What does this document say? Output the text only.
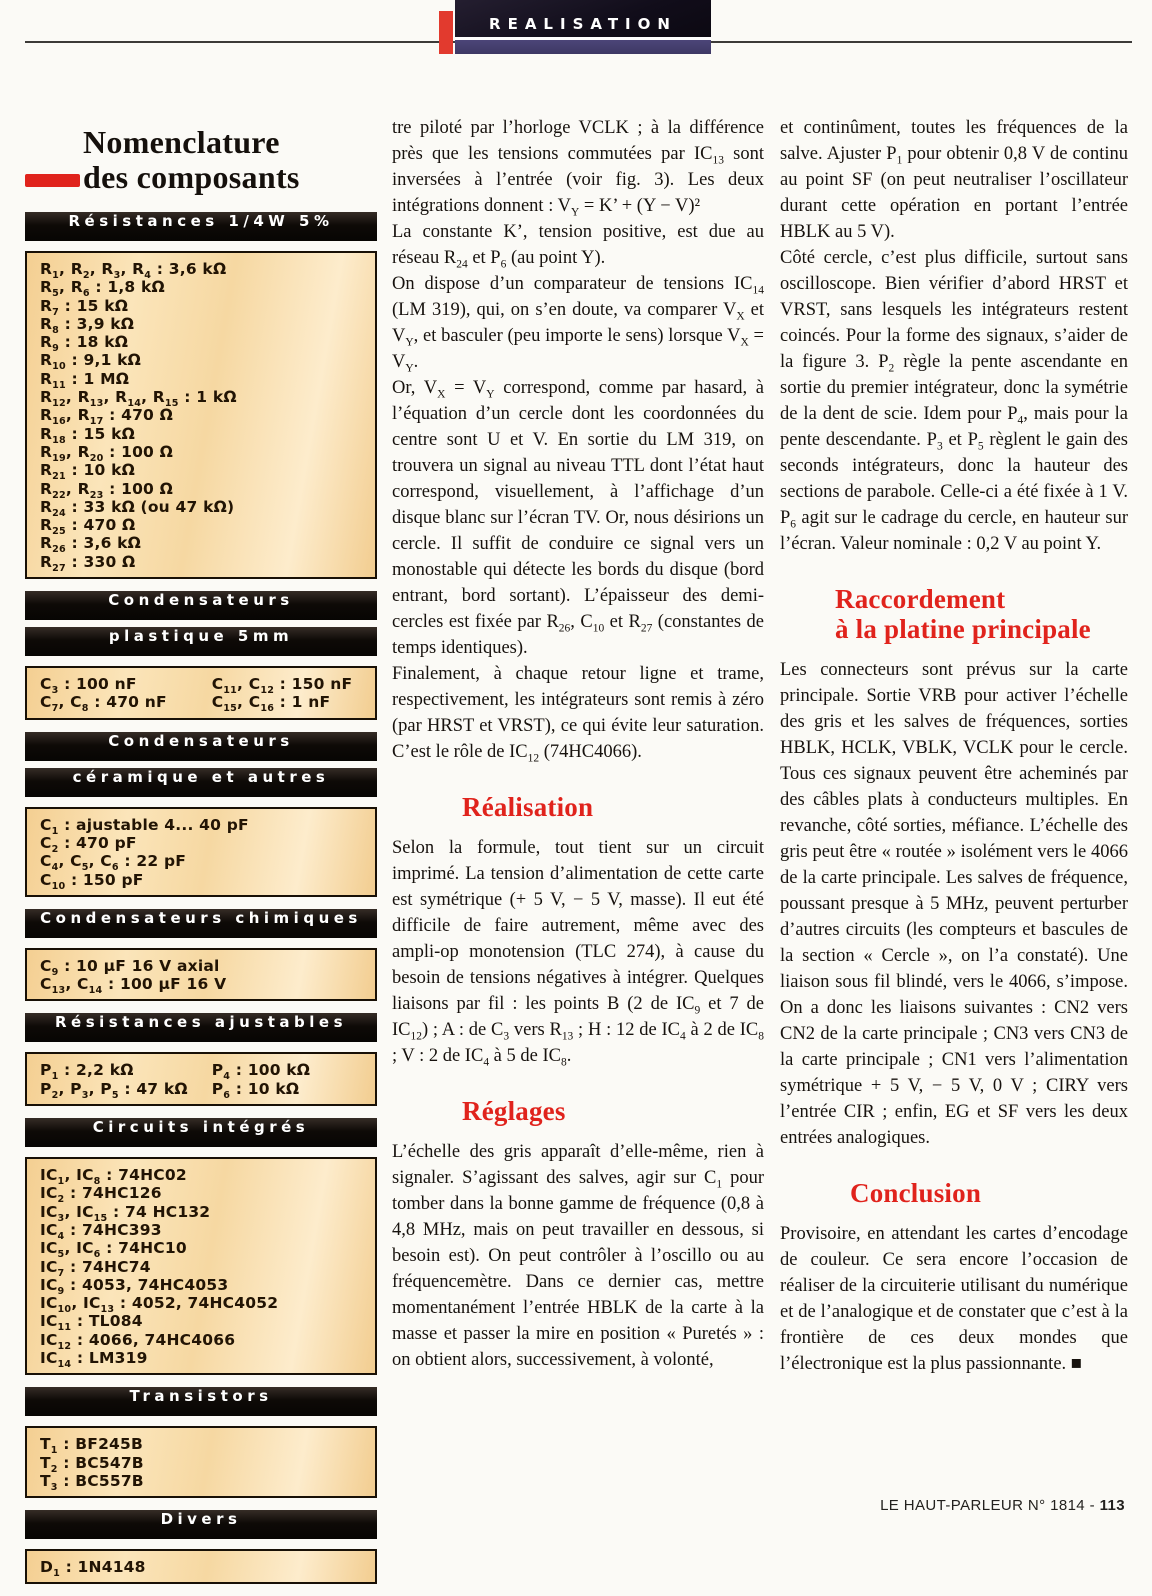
REALISATION
Nomenclature
des composants
Résistances 1/4W 5%
$R_1$, $R_2$, $R_3$, $R_4$ : 3,6 kΩ
$R_5$, $R_6$ : 1,8 kΩ
$R_7$ : 15 kΩ
$R_8$ : 3,9 kΩ
$R_9$ : 18 kΩ
$R_{10}$ : 9,1 kΩ
$R_{11}$ : 1 MΩ
$R_{12}$, $R_{13}$, $R_{14}$, $R_{15}$ : 1 kΩ
$R_{16}$, $R_{17}$ : 470 Ω
$R_{18}$ : 15 kΩ
$R_{19}$, $R_{20}$ : 100 Ω
$R_{21}$ : 10 kΩ
$R_{22}$, $R_{23}$ : 100 Ω
$R_{24}$ : 33 kΩ (ou 47 kΩ)
$R_{25}$ : 470 Ω
$R_{26}$ : 3,6 kΩ
$R_{27}$ : 330 Ω
Condensateurs
plastique 5mm
$C_3$ : 100 nF
$C_7$, $C_8$ : 470 nF
$C_{11}$, $C_{12}$ : 150 nF
$C_{15}$, $C_{16}$ : 1 nF
Condensateurs
céramique et autres
$C_1$ : ajustable 4... 40 pF
$C_2$ : 470 pF
$C_4$, $C_5$, $C_6$ : 22 pF
$C_{10}$ : 150 pF
Condensateurs chimiques
$C_9$ : 10 µF 16 V axial
$C_{13}$, $C_{14}$ : 100 µF 16 V
Résistances ajustables
$P_1$ : 2,2 kΩ
$P_2$, $P_3$, $P_5$ : 47 kΩ
$P_4$ : 100 kΩ
$P_6$ : 10 kΩ
Circuits intégrés
$IC_1$, $IC_8$ : 74HC02
$IC_2$ : 74HC126
$IC_3$, $IC_{15}$ : 74 HC132
$IC_4$ : 74HC393
$IC_5$, $IC_6$ : 74HC10
$IC_7$ : 74HC74
$IC_9$ : 4053, 74HC4053
$IC_{10}$, $IC_{13}$ : 4052, 74HC4052
$IC_{11}$ : TL084
$IC_{12}$ : 4066, 74HC4066
$IC_{14}$ : LM319
Transistors
$T_1$ : BF245B
$T_2$ : BC547B
$T_3$ : BC557B
Divers
$D_1$ : 1N4148
tre piloté par l’horloge VCLK ; à la différence près que les tensions commutées par $IC_{13}$ sont inversées à l’entrée (voir fig. 3). Les deux intégrations donnent : $V_Y = K$’ + (Y − V)²
La constante K’, tension positive, est due au réseau $R_{24}$ et $P_6$ (au point Y).
On dispose d’un comparateur de tensions $IC_{14}$ (LM 319), qui, on s’en doute, va comparer $V_X$ et $V_Y$, et basculer (peu importe le sens) lorsque $V_X = V_Y$.
Or, $V_X = V_Y$ correspond, comme par hasard, à l’équation d’un cercle dont les coordonnées du centre sont U et V. En sortie du LM 319, on trouvera un signal au niveau TTL dont l’état haut correspond, visuellement, à l’affichage d’un disque blanc sur l’écran TV. Or, nous désirions un cercle. Il suffit de conduire ce signal vers un monostable qui détecte les bords du disque (bord entrant, bord sortant). L’épaisseur des demi-cercles est fixée par $R_{26}$, $C_{10}$ et $R_{27}$ (constantes de temps identiques).
Finalement, à chaque retour ligne et trame, respectivement, les intégrateurs sont remis à zéro (par HRST et VRST), ce qui évite leur saturation. C’est le rôle de $IC_{12}$ (74HC4066).
Réalisation
Selon la formule, tout tient sur un circuit imprimé. La tension d’alimentation de cette carte est symétrique (+ 5 V, − 5 V, masse). Il eut été difficile de faire autrement, même avec des ampli-op monotension (TLC 274), à cause du besoin de tensions négatives à intégrer. Quelques liaisons par fil : les points B (2 de $IC_9$ et 7 de $IC_{12}$) ; A : de $C_3$ vers $R_{13}$ ; H : 12 de $IC_4$ à 2 de $IC_8$ ; V : 2 de $IC_4$ à 5 de $IC_8$.
Réglages
L’échelle des gris apparaît d’elle-même, rien à signaler. S’agissant des salves, agir sur $C_1$ pour tomber dans la bonne gamme de fréquence (0,8 à 4,8 MHz, mais on peut travailler en dessous, si besoin est). On peut contrôler à l’oscillo ou au fréquencemètre. Dans ce dernier cas, mettre momentanément l’entrée HBLK de la carte à la masse et passer la mire en position « Puretés » : on obtient alors, successivement, à volonté,
et continûment, toutes les fréquences de la salve. Ajuster $P_1$ pour obtenir 0,8 V de continu au point SF (on peut neutraliser l’oscillateur durant cette opération en portant l’entrée HBLK au 5 V).
Côté cercle, c’est plus difficile, surtout sans oscilloscope. Bien vérifier d’abord HRST et VRST, sans lesquels les intégrateurs restent coincés. Pour la forme des signaux, s’aider de la figure 3. $P_2$ règle la pente ascendante en sortie du premier intégrateur, donc la symétrie de la dent de scie. Idem pour $P_4$, mais pour la pente descendante. $P_3$ et $P_5$ règlent le gain des seconds intégrateurs, donc la hauteur des sections de parabole. Celle-ci a été fixée à 1 V. $P_6$ agit sur le cadrage du cercle, en hauteur sur l’écran. Valeur nominale : 0,2 V au point Y.
Raccordement
à la platine principale
Les connecteurs sont prévus sur la carte principale. Sortie VRB pour activer l’échelle des gris et les salves de fréquences, sorties HBLK, HCLK, VBLK, VCLK pour le cercle. Tous ces signaux peuvent être acheminés par des câbles plats à conducteurs multiples. En revanche, côté sorties, méfiance. L’échelle des gris peut être « routée » isolément vers le 4066 de la carte principale. Les salves de fréquence, poussant presque à 5 MHz, peuvent perturber d’autres circuits (les compteurs et bascules de la section « Cercle », on l’a constaté). Une liaison sous fil blindé, vers le 4066, s’impose. On a donc les liaisons suivantes : CN2 vers CN2 de la carte principale ; CN3 vers CN3 de la carte principale ; CN1 vers l’alimentation symétrique + 5 V, − 5 V, 0 V ; CIRY vers l’entrée CIR ; enfin, EG et SF vers les deux entrées analogiques.
Conclusion
Provisoire, en attendant les cartes d’encodage de couleur. Ce sera encore l’occasion de réaliser de la circuiterie utilisant du numérique et de l’analogique et de constater que c’est à la frontière de ces deux mondes que l’électronique est la plus passionnante. ■
LE HAUT-PARLEUR N° 1814 - 113
